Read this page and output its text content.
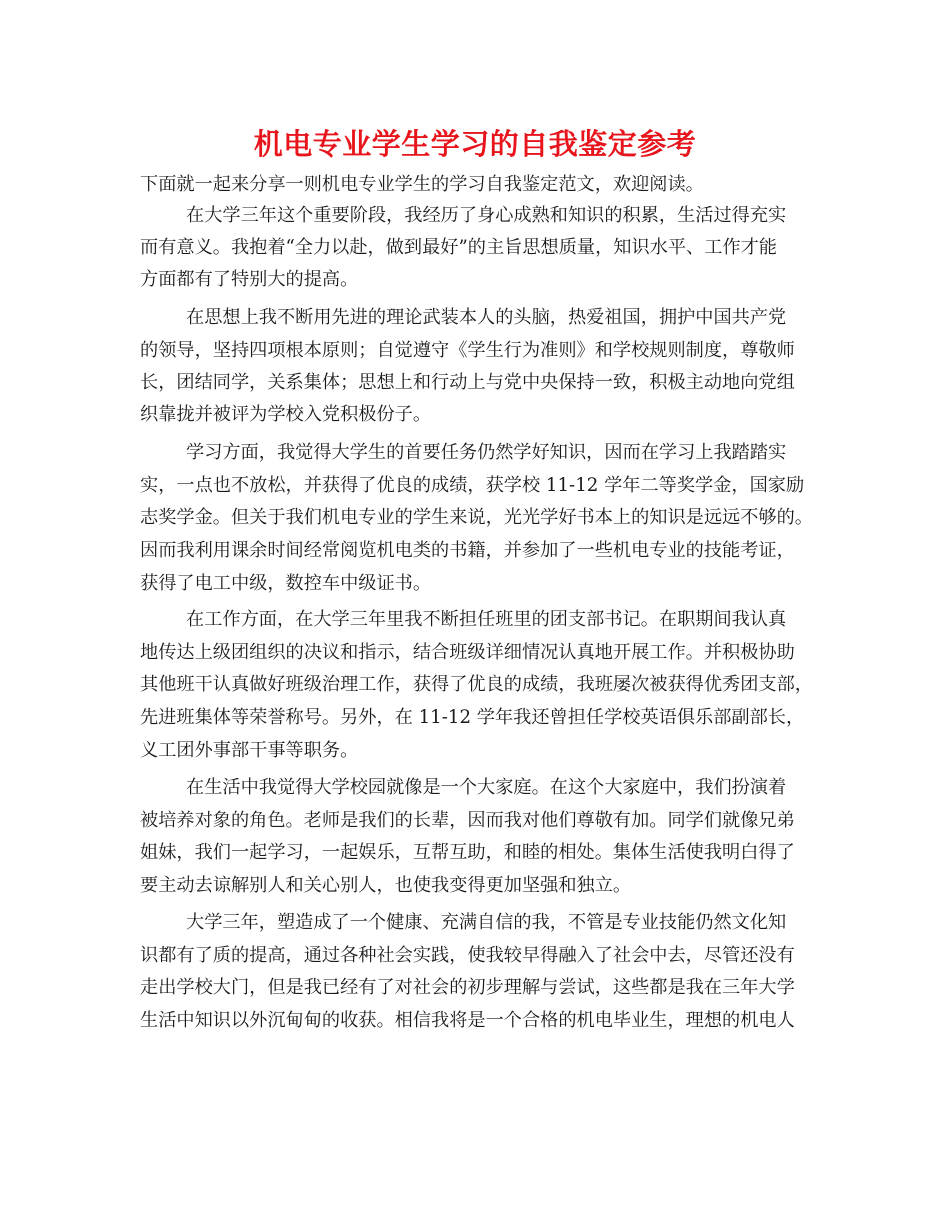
机电专业学生学习的自我鉴定参考

下面就一起来分享一则机电专业学生的学习自我鉴定范文，欢迎阅读。

在大学三年这个重要阶段，我经历了身心成熟和知识的积累，生活过得充实

而有意义。我抱着“全力以赴，做到最好”的主旨思想质量，知识水平、工作才能

方面都有了特别大的提高。

在思想上我不断用先进的理论武装本人的头脑，热爱祖国，拥护中国共产党

的领导，坚持四项根本原则；自觉遵守《学生行为准则》和学校规则制度，尊敬师

长，团结同学，关系集体；思想上和行动上与党中央保持一致，积极主动地向党组

织靠拢并被评为学校入党积极份子。

学习方面，我觉得大学生的首要任务仍然学好知识，因而在学习上我踏踏实

实，一点也不放松，并获得了优良的成绩，获学校 11-12 学年二等奖学金，国家励

志奖学金。但关于我们机电专业的学生来说，光光学好书本上的知识是远远不够的。

因而我利用课余时间经常阅览机电类的书籍，并参加了一些机电专业的技能考证，

获得了电工中级，数控车中级证书。

在工作方面，在大学三年里我不断担任班里的团支部书记。在职期间我认真

地传达上级团组织的决议和指示，结合班级详细情况认真地开展工作。并积极协助

其他班干认真做好班级治理工作，获得了优良的成绩，我班屡次被获得优秀团支部，

先进班集体等荣誉称号。另外，在 11-12 学年我还曾担任学校英语俱乐部副部长，

义工团外事部干事等职务。

在生活中我觉得大学校园就像是一个大家庭。在这个大家庭中，我们扮演着

被培养对象的角色。老师是我们的长辈，因而我对他们尊敬有加。同学们就像兄弟

姐妹，我们一起学习，一起娱乐，互帮互助，和睦的相处。集体生活使我明白得了

要主动去谅解别人和关心别人，也使我变得更加坚强和独立。

大学三年，塑造成了一个健康、充满自信的我，不管是专业技能仍然文化知

识都有了质的提高，通过各种社会实践，使我较早得融入了社会中去，尽管还没有

走出学校大门，但是我已经有了对社会的初步理解与尝试，这些都是我在三年大学

生活中知识以外沉甸甸的收获。相信我将是一个合格的机电毕业生，理想的机电人
